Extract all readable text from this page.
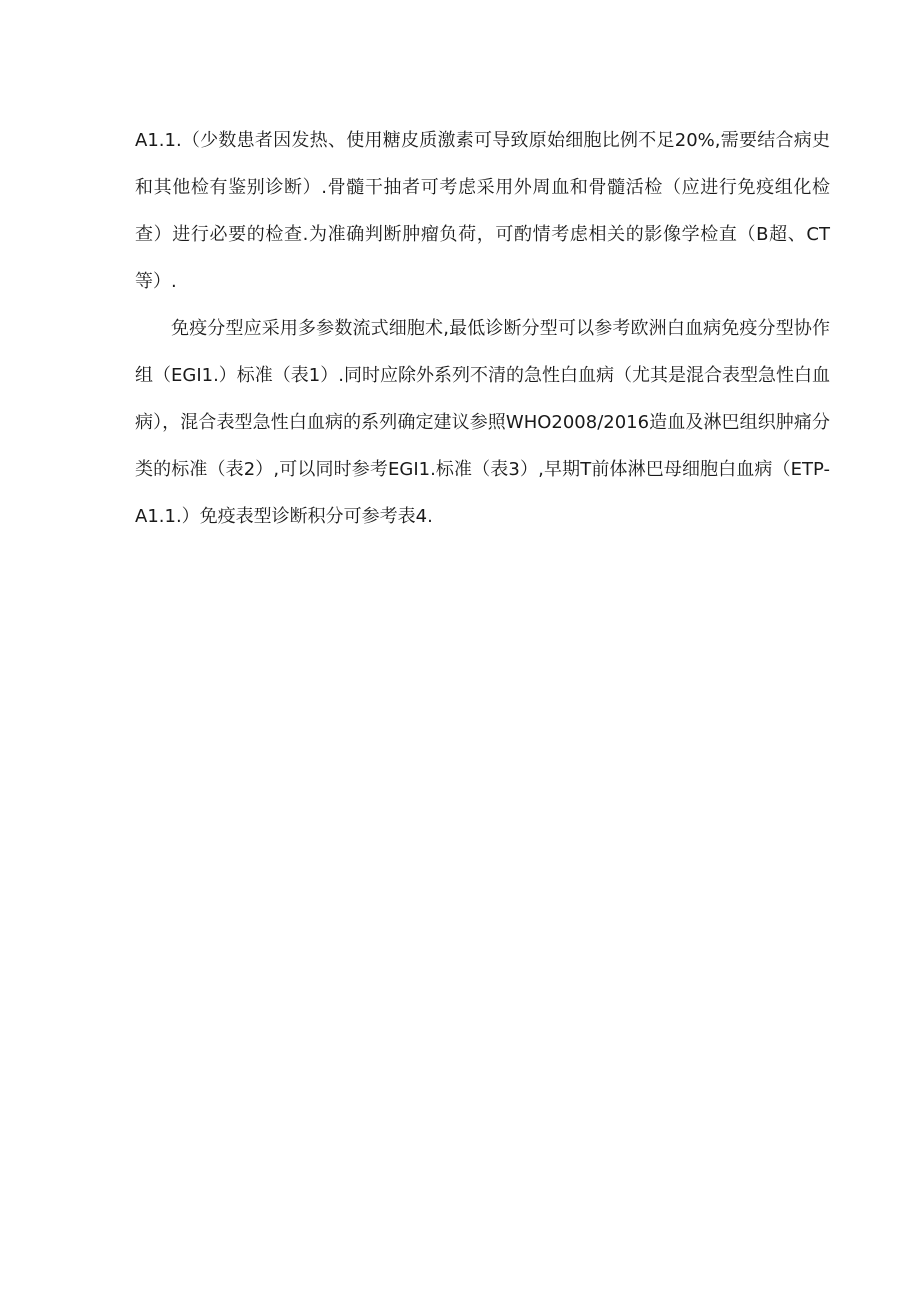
A1.1.（少数患者因发热、使用糖皮质激素可导致原始细胞比例不足20%,需要结合病史和其他检有鉴别诊断）.骨髓干抽者可考虑采用外周血和骨髓活检（应进行免疫组化检查）进行必要的检查.为准确判断肿瘤负荷，可酌情考虑相关的影像学检直（B超、CT等）.

免疫分型应采用多参数流式细胞术,最低诊断分型可以参考欧洲白血病免疫分型协作组（EGI1.）标准（表1）.同时应除外系列不清的急性白血病（尤其是混合表型急性白血病），混合表型急性白血病的系列确定建议参照WHO2008/2016造血及淋巴组织肿痛分类的标准（表2）,可以同时参考EGI1.标准（表3）,早期T前体淋巴母细胞白血病（ETP-A1.1.）免疫表型诊断积分可参考表4.
